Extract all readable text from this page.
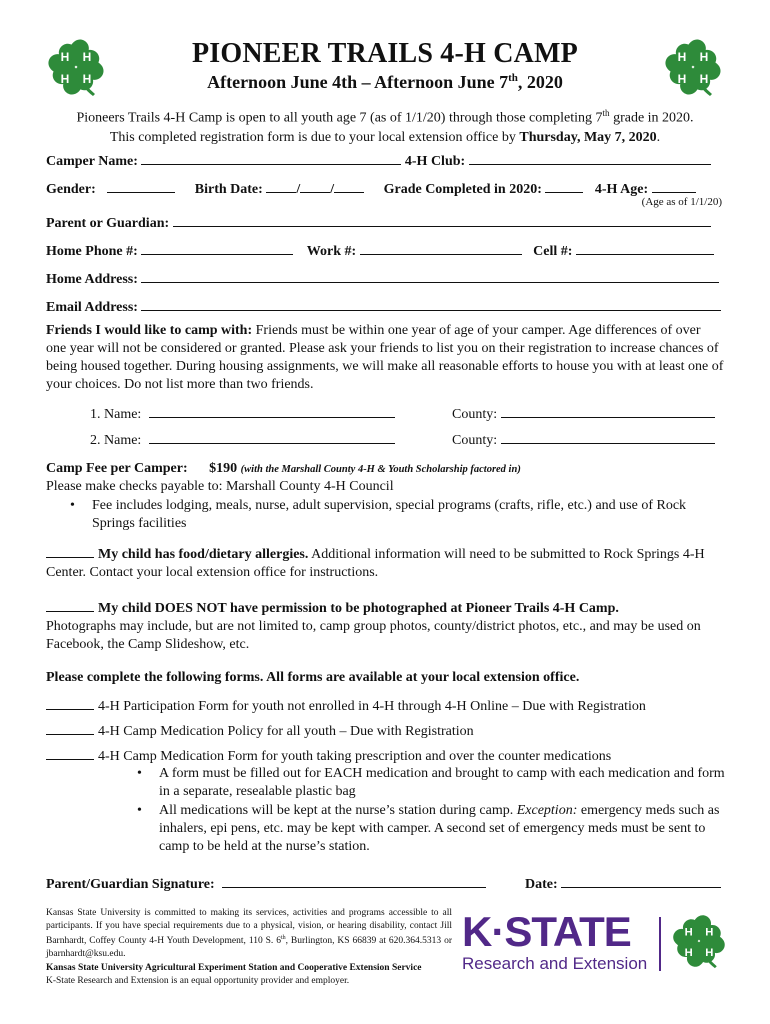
H H
H H
H H
H H
PIONEER TRAILS 4-H CAMP
Afternoon June 4th – Afternoon June 7th, 2020
Pioneers Trails 4-H Camp is open to all youth age 7 (as of 1/1/20) through those completing 7th grade in 2020.
This completed registration form is due to your local extension office by Thursday, May 7, 2020.
Camper Name:	4-H Club:
Gender:	Birth Date: / /	Grade Completed in 2020:	4-H Age:
(Age as of 1/1/20)
Parent or Guardian:
Home Phone #:	Work #:	Cell #:
Home Address:
Email Address:
Friends I would like to camp with: Friends must be within one year of age of your camper. Age differences of over one year will not be considered or granted. Please ask your friends to list you on their registration to increase chances of being housed together. During housing assignments, we will make all reasonable efforts to house you with at least one of your choices. Do not list more than two friends.
1. Name:	County:
2. Name:	County:
Camp Fee per Camper: $190 (with the Marshall County 4-H & Youth Scholarship factored in)
Please make checks payable to: Marshall County 4-H Council
• Fee includes lodging, meals, nurse, adult supervision, special programs (crafts, rifle, etc.) and use of Rock Springs facilities
My child has food/dietary allergies. Additional information will need to be submitted to Rock Springs 4-H Center. Contact your local extension office for instructions.
My child DOES NOT have permission to be photographed at Pioneer Trails 4-H Camp.
Photographs may include, but are not limited to, camp group photos, county/district photos, etc., and may be used on Facebook, the Camp Slideshow, etc.
Please complete the following forms. All forms are available at your local extension office.
4-H Participation Form for youth not enrolled in 4-H through 4-H Online – Due with Registration
4-H Camp Medication Policy for all youth – Due with Registration
4-H Camp Medication Form for youth taking prescription and over the counter medications
• A form must be filled out for EACH medication and brought to camp with each medication and form in a separate, resealable plastic bag
• All medications will be kept at the nurse’s station during camp. Exception: emergency meds such as inhalers, epi pens, etc. may be kept with camper. A second set of emergency meds must be sent to camp to be held at the nurse’s station.
Parent/Guardian Signature:	Date:
Kansas State University is committed to making its services, activities and programs accessible to all participants. If you have special requirements due to a physical, vision, or hearing disability, contact Jill Barnhardt, Coffey County 4-H Youth Development, 110 S. 6th, Burlington, KS 66839 at 620.364.5313 or jbarnhardt@ksu.edu.
Kansas State University Agricultural Experiment Station and Cooperative Extension Service
K-State Research and Extension is an equal opportunity provider and employer.
K·STATE
Research and Extension
H H
H H
